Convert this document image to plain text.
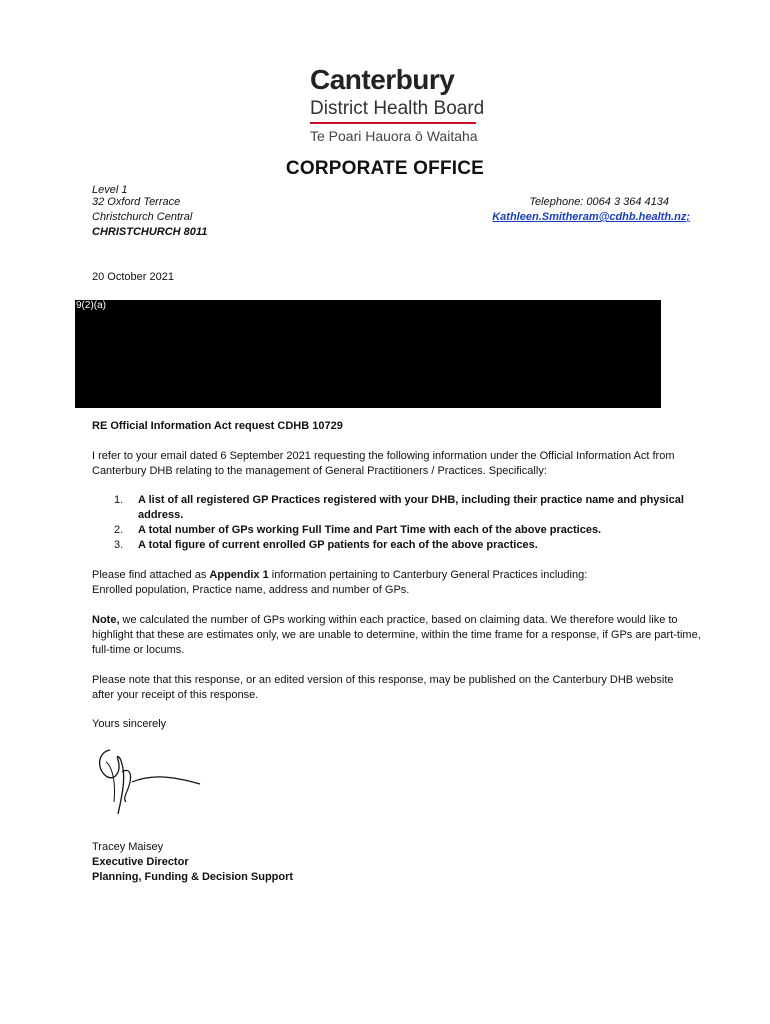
Canterbury
District Health Board
Te Poari Hauora ō Waitaha
CORPORATE OFFICE
Level 1
32 Oxford Terrace
Christchurch Central
CHRISTCHURCH 8011
Telephone: 0064 3 364 4134
Kathleen.Smitheram@cdhb.health.nz;
20 October 2021
9(2)(a)
RE Official Information Act request CDHB 10729
I refer to your email dated 6 September 2021 requesting the following information under the Official Information Act from Canterbury DHB relating to the management of General Practitioners / Practices. Specifically:
1.	A list of all registered GP Practices registered with your DHB, including their practice name and physical address.
2.	A total number of GPs working Full Time and Part Time with each of the above practices.
3.	A total figure of current enrolled GP patients for each of the above practices.
Please find attached as Appendix 1 information pertaining to Canterbury General Practices including:
Enrolled population, Practice name, address and number of GPs.
Note, we calculated the number of GPs working within each practice, based on claiming data. We therefore would like to highlight that these are estimates only, we are unable to determine, within the time frame for a response, if GPs are part-time, full-time or locums.
Please note that this response, or an edited version of this response, may be published on the Canterbury DHB website after your receipt of this response.
Yours sincerely
Tracey Maisey
Executive Director
Planning, Funding & Decision Support
